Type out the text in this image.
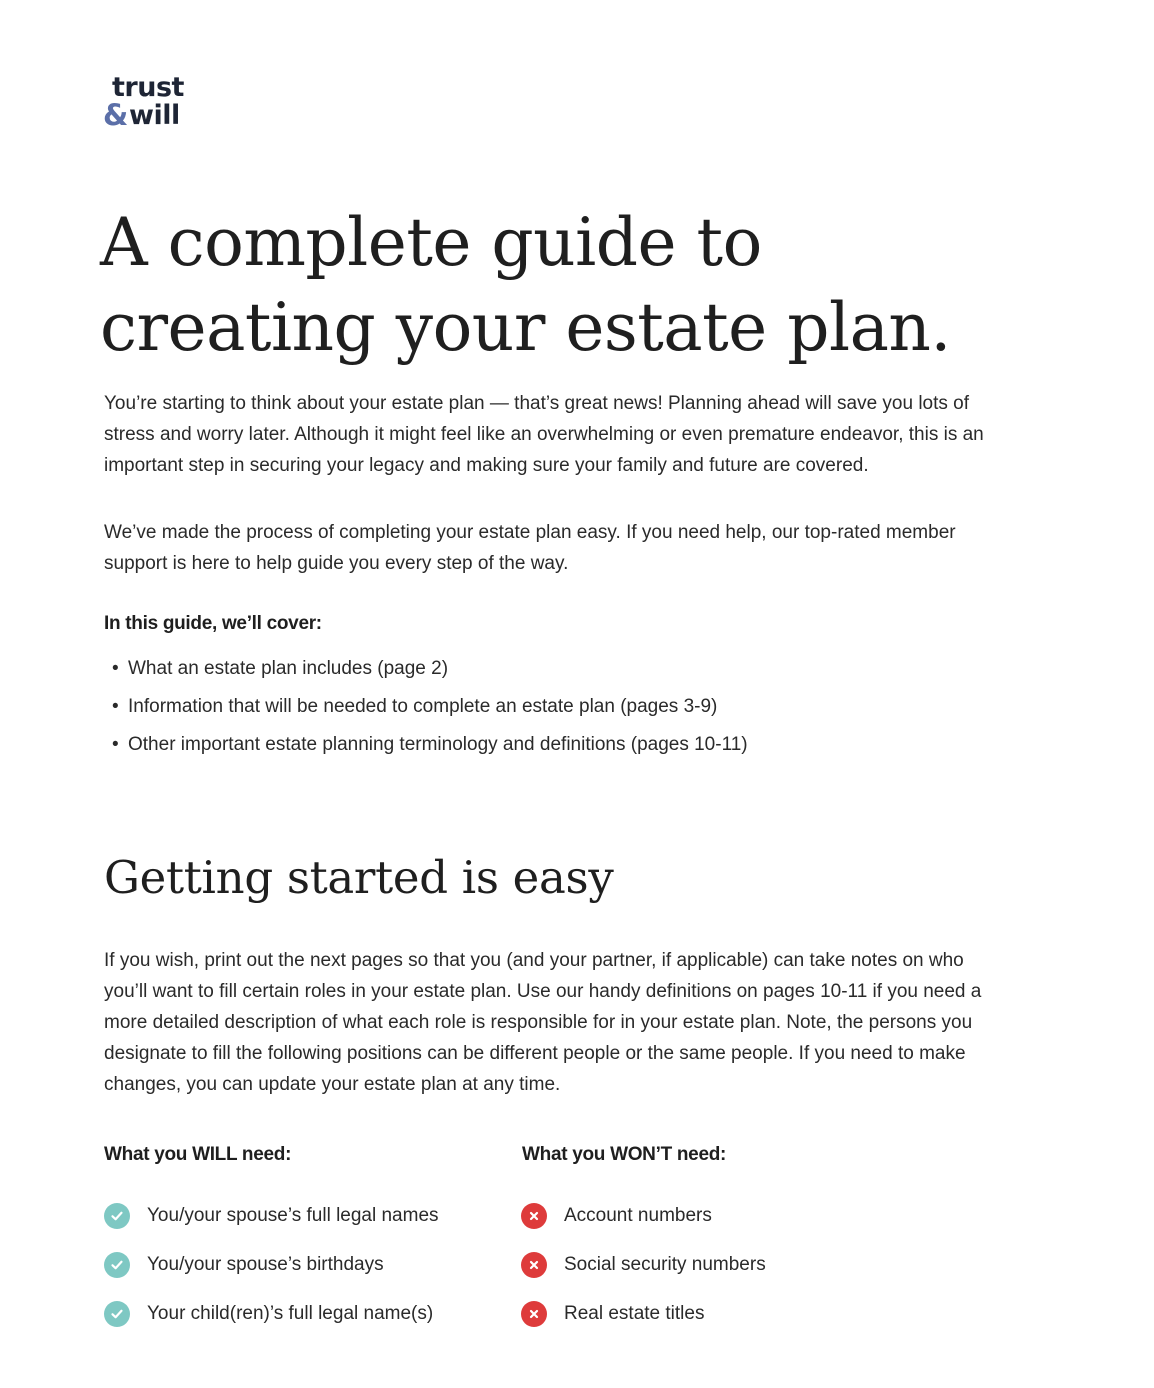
trust
& will
A complete guide to
creating your estate plan.

You’re starting to think about your estate plan — that’s great news! Planning ahead will save you lots of stress and worry later. Although it might feel like an overwhelming or even premature endeavor, this is an important step in securing your legacy and making sure your family and future are covered.

We’ve made the process of completing your estate plan easy. If you need help, our top-rated member support is here to help guide you every step of the way.

In this guide, we’ll cover:
• What an estate plan includes (page 2)
• Information that will be needed to complete an estate plan (pages 3-9)
• Other important estate planning terminology and definitions (pages 10-11)
Getting started is easy

If you wish, print out the next pages so that you (and your partner, if applicable) can take notes on who you’ll want to fill certain roles in your estate plan. Use our handy definitions on pages 10-11 if you need a more detailed description of what each role is responsible for in your estate plan. Note, the persons you designate to fill the following positions can be different people or the same people. If you need to make changes, you can update your estate plan at any time.

What you WILL need:	What you WON’T need:
You/your spouse’s full legal names
You/your spouse’s birthdays
Your child(ren)’s full legal name(s)
Account numbers
Social security numbers
Real estate titles
